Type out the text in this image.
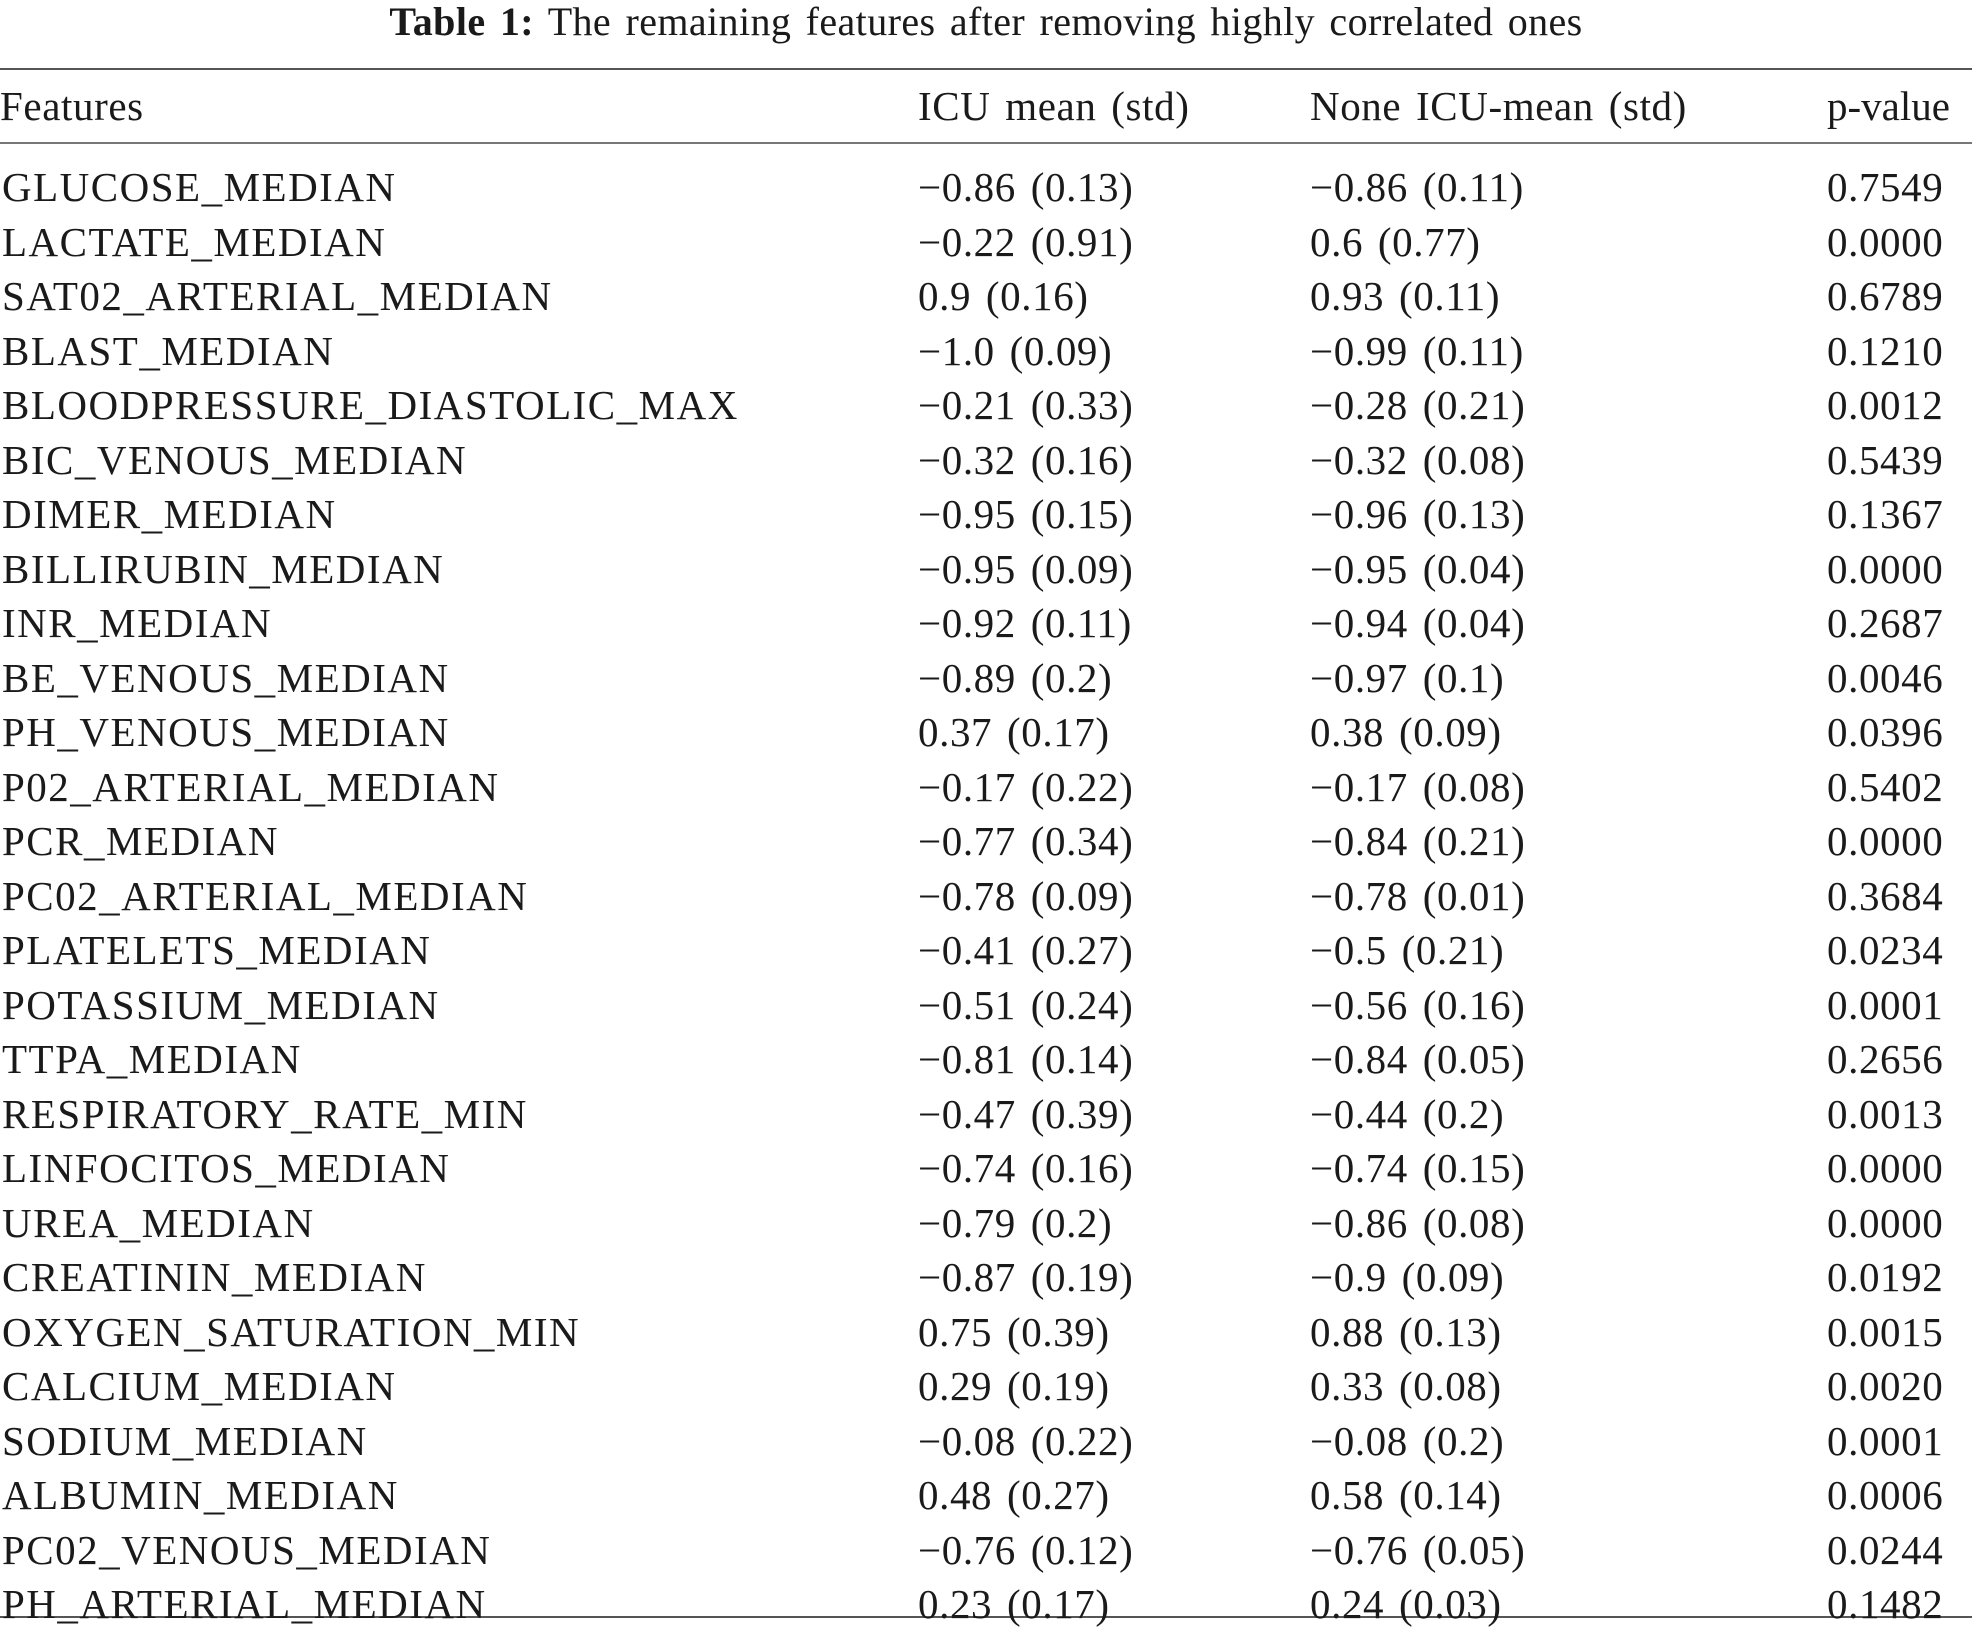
Table 1: The remaining features after removing highly correlated ones
Features	ICU mean (std)	None ICU-mean (std)	p-value

GLUCOSE_MEDIAN	−0.86 (0.13)	−0.86 (0.11)	0.7549
LACTATE_MEDIAN	−0.22 (0.91)	0.6 (0.77)	0.0000
SAT02_ARTERIAL_MEDIAN	0.9 (0.16)	0.93 (0.11)	0.6789
BLAST_MEDIAN	−1.0 (0.09)	−0.99 (0.11)	0.1210
BLOODPRESSURE_DIASTOLIC_MAX	−0.21 (0.33)	−0.28 (0.21)	0.0012
BIC_VENOUS_MEDIAN	−0.32 (0.16)	−0.32 (0.08)	0.5439
DIMER_MEDIAN	−0.95 (0.15)	−0.96 (0.13)	0.1367
BILLIRUBIN_MEDIAN	−0.95 (0.09)	−0.95 (0.04)	0.0000
INR_MEDIAN	−0.92 (0.11)	−0.94 (0.04)	0.2687
BE_VENOUS_MEDIAN	−0.89 (0.2)	−0.97 (0.1)	0.0046
PH_VENOUS_MEDIAN	0.37 (0.17)	0.38 (0.09)	0.0396
P02_ARTERIAL_MEDIAN	−0.17 (0.22)	−0.17 (0.08)	0.5402
PCR_MEDIAN	−0.77 (0.34)	−0.84 (0.21)	0.0000
PC02_ARTERIAL_MEDIAN	−0.78 (0.09)	−0.78 (0.01)	0.3684
PLATELETS_MEDIAN	−0.41 (0.27)	−0.5 (0.21)	0.0234
POTASSIUM_MEDIAN	−0.51 (0.24)	−0.56 (0.16)	0.0001
TTPA_MEDIAN	−0.81 (0.14)	−0.84 (0.05)	0.2656
RESPIRATORY_RATE_MIN	−0.47 (0.39)	−0.44 (0.2)	0.0013
LINFOCITOS_MEDIAN	−0.74 (0.16)	−0.74 (0.15)	0.0000
UREA_MEDIAN	−0.79 (0.2)	−0.86 (0.08)	0.0000
CREATININ_MEDIAN	−0.87 (0.19)	−0.9 (0.09)	0.0192
OXYGEN_SATURATION_MIN	0.75 (0.39)	0.88 (0.13)	0.0015
CALCIUM_MEDIAN	0.29 (0.19)	0.33 (0.08)	0.0020
SODIUM_MEDIAN	−0.08 (0.22)	−0.08 (0.2)	0.0001
ALBUMIN_MEDIAN	0.48 (0.27)	0.58 (0.14)	0.0006
PC02_VENOUS_MEDIAN	−0.76 (0.12)	−0.76 (0.05)	0.0244
PH_ARTERIAL_MEDIAN	0.23 (0.17)	0.24 (0.03)	0.1482
